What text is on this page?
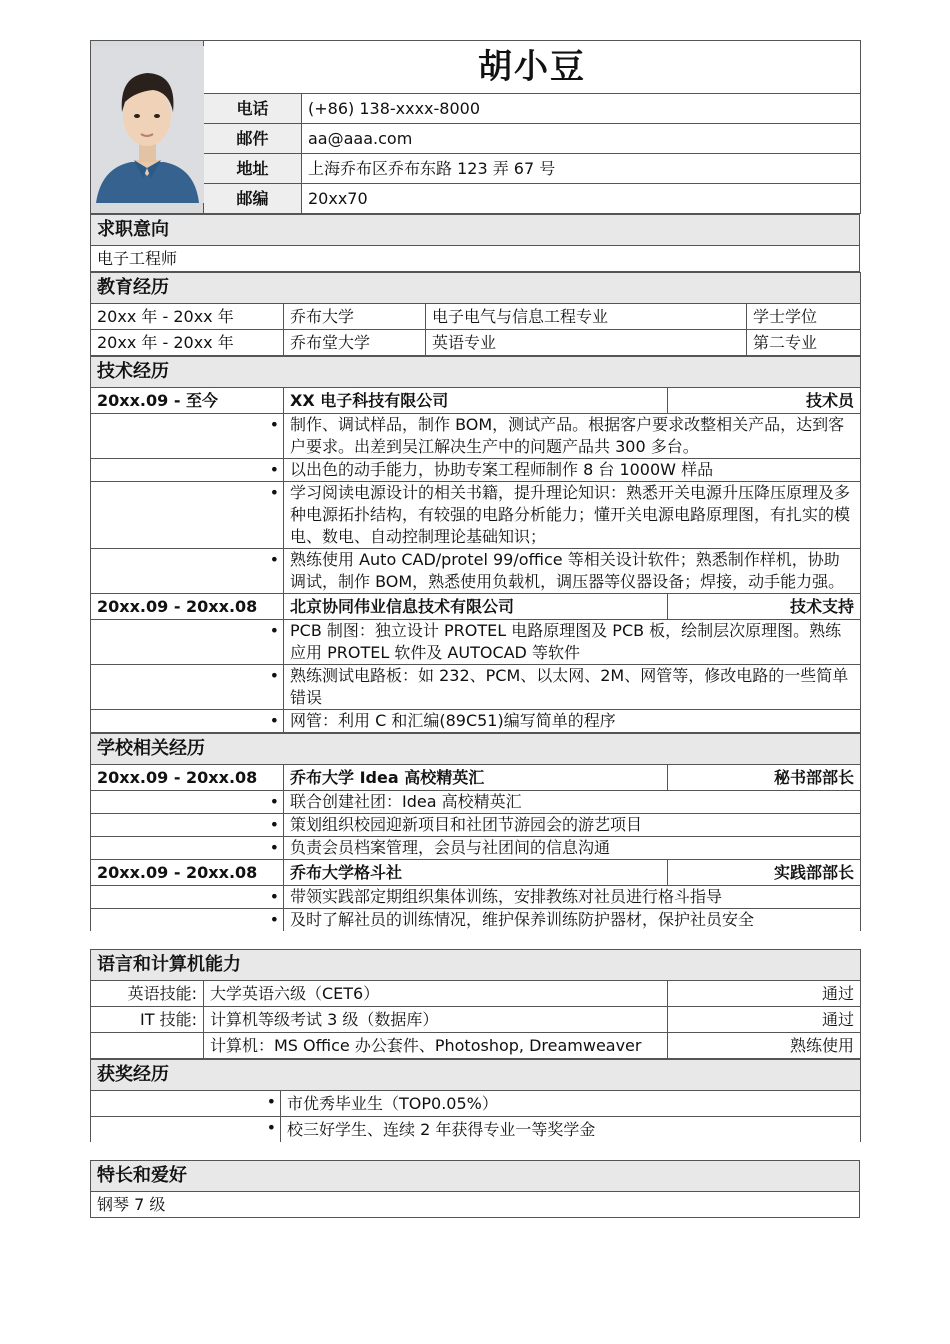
	胡小豆	
	电话	(+86) 138-xxxx-8000
	邮件	aa@aaa.com
	地址	上海乔布区乔布东路 123 弄 67 号
	邮编	20xx70
求职意向
电子工程师
教育经历			
20xx 年 - 20xx 年	乔布大学	电子电气与信息工程专业	学士学位
20xx 年 - 20xx 年	乔布堂大学	英语专业	第二专业
技术经历		
20xx.09 - 至今	XX 电子科技有限公司	技术员
•	制作、调试样品，制作 BOM，测试产品。根据客户要求改整相关产品，达到客户要求。出差到吴江解决生产中的问题产品共 300 多台。	
•	以出色的动手能力，协助专案工程师制作 8 台 1000W 样品	
•	学习阅读电源设计的相关书籍，提升理论知识：熟悉开关电源升压降压原理及多种电源拓扑结构，有较强的电路分析能力；懂开关电源电路原理图，有扎实的模电、数电、自动控制理论基础知识；	
•	熟练使用 Auto CAD/protel 99/office 等相关设计软件；熟悉制作样机，协助调试，制作 BOM，熟悉使用负载机，调压器等仪器设备；焊接，动手能力强。	
20xx.09 - 20xx.08	北京协同伟业信息技术有限公司	技术支持
•	PCB 制图：独立设计 PROTEL 电路原理图及 PCB 板，绘制层次原理图。熟练应用 PROTEL 软件及 AUTOCAD 等软件	
•	熟练测试电路板：如 232、PCM、以太网、2M、网管等，修改电路的一些简单错误	
•	网管：利用 C 和汇编(89C51)编写简单的程序	
学校相关经历		
20xx.09 - 20xx.08	乔布大学 Idea 高校精英汇	秘书部部长
•	联合创建社团：Idea 高校精英汇	
•	策划组织校园迎新项目和社团节游园会的游艺项目	
•	负责会员档案管理，会员与社团间的信息沟通	
20xx.09 - 20xx.08	乔布大学格斗社	实践部部长
•	带领实践部定期组织集体训练，安排教练对社员进行格斗指导	
•	及时了解社员的训练情况，维护保养训练防护器材，保护社员安全	
语言和计算机能力		
英语技能:	大学英语六级（CET6）	通过
IT 技能:	计算机等级考试 3 级（数据库）	通过
	计算机：MS Office 办公套件、Photoshop, Dreamweaver	熟练使用
获奖经历	
•	市优秀毕业生（TOP0.05%）
•	校三好学生、连续 2 年获得专业一等奖学金
特长和爱好
钢琴 7 级
